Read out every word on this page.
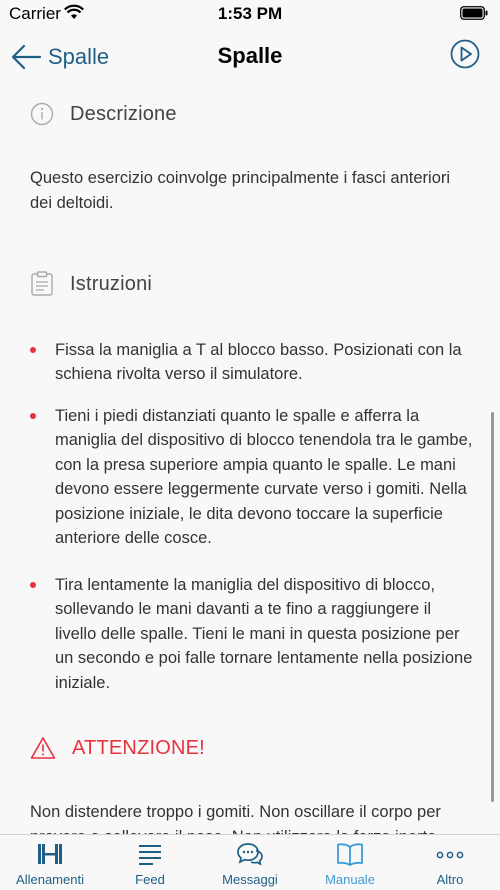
Carrier	1:53 PM
Spalle	Spalle
Descrizione

Questo esercizio coinvolge principalmente i fasci anteriori dei deltoidi.

Istruzioni

Fissa la maniglia a T al blocco basso. Posizionati con la schiena rivolta verso il simulatore.

Tieni i piedi distanziati quanto le spalle e afferra la maniglia del dispositivo di blocco tenendola tra le gambe, con la presa superiore ampia quanto le spalle. Le mani devono essere leggermente curvate verso i gomiti. Nella posizione iniziale, le dita devono toccare la superficie anteriore delle cosce.

Tira lentamente la maniglia del dispositivo di blocco, sollevando le mani davanti a te fino a raggiungere il livello delle spalle. Tieni le mani in questa posizione per un secondo e poi falle tornare lentamente nella posizione iniziale.

ATTENZIONE!

Non distendere troppo i gomiti. Non oscillare il corpo per

Allenamenti	Feed	Messaggi	Manuale	Altro
